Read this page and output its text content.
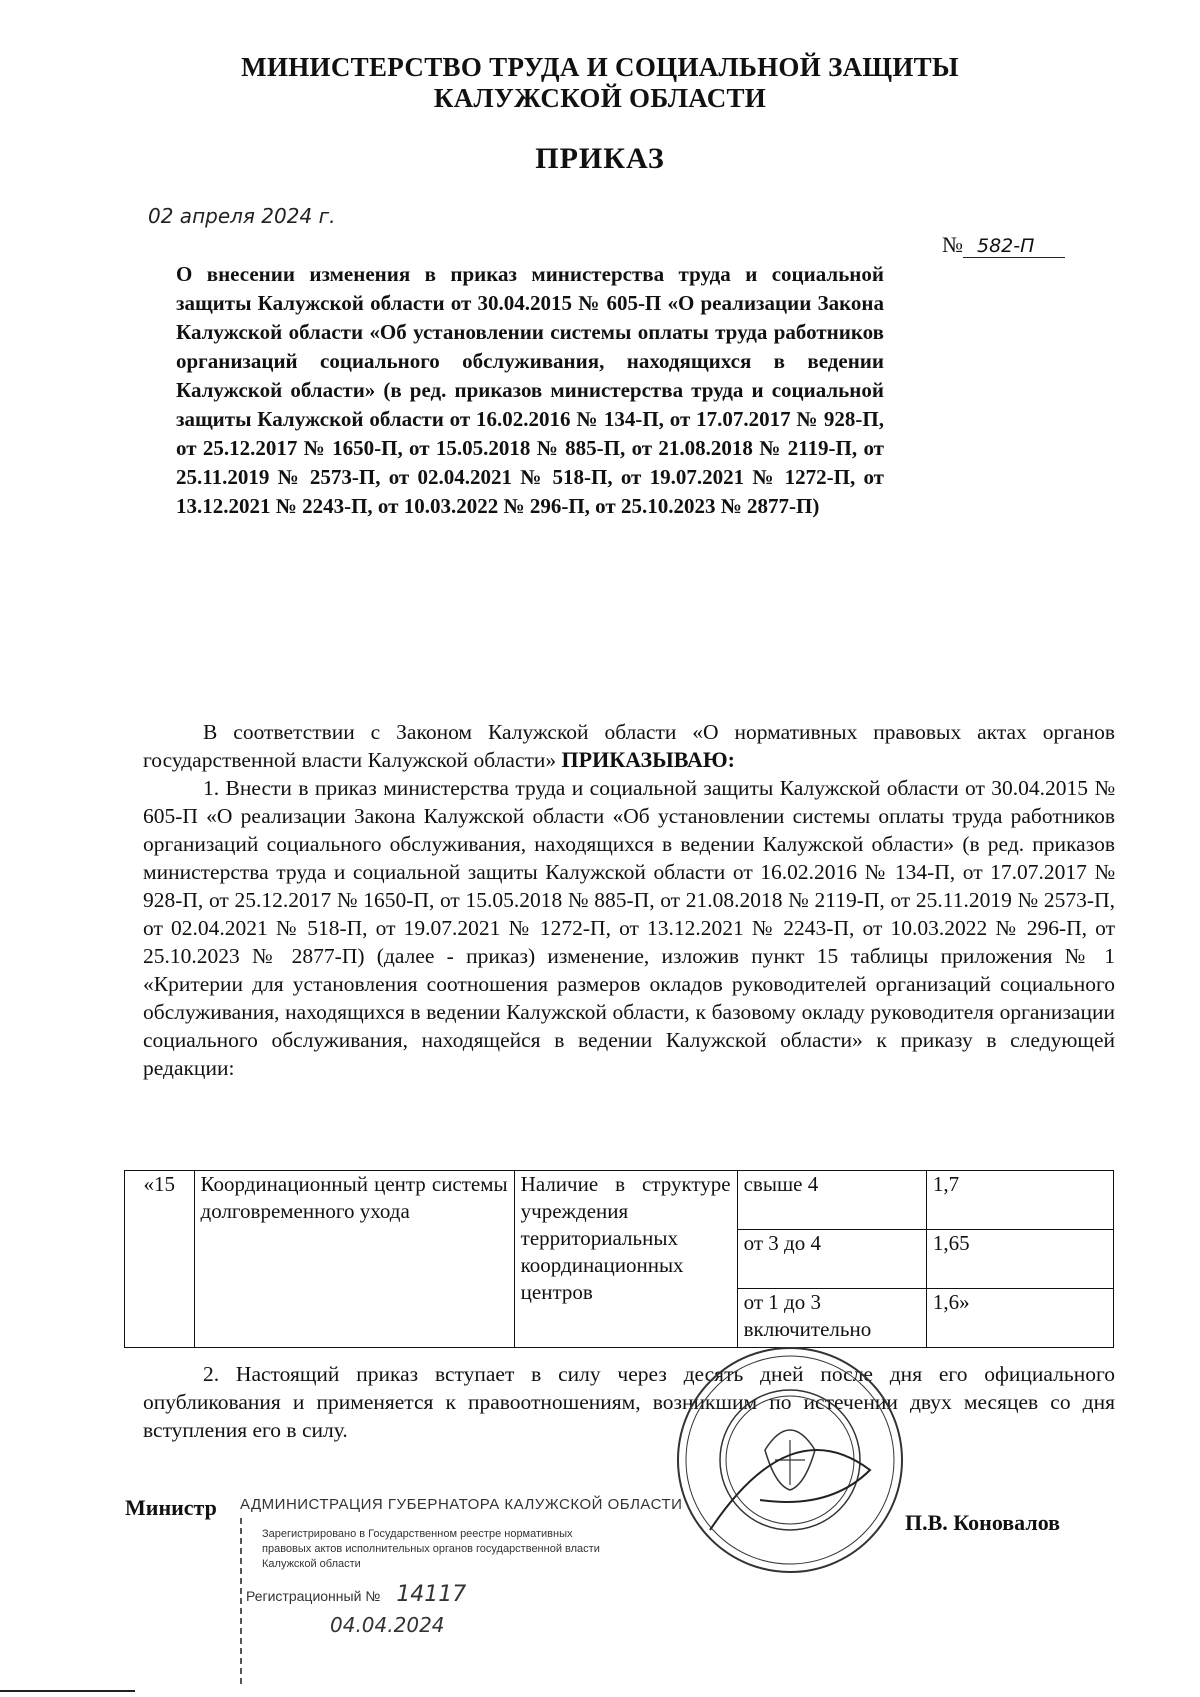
МИНИСТЕРСТВО ТРУДА И СОЦИАЛЬНОЙ ЗАЩИТЫ
КАЛУЖСКОЙ ОБЛАСТИ
ПРИКАЗ
02 апреля 2024 г.
№ 582-П
О внесении изменения в приказ министерства труда и социальной защиты Калужской области от 30.04.2015 № 605-П «О реализации Закона Калужской области «Об установлении системы оплаты труда работников организаций социального обслуживания, находящихся в ведении Калужской области» (в ред. приказов министерства труда и социальной защиты Калужской области от 16.02.2016 № 134-П, от 17.07.2017 № 928-П, от 25.12.2017 № 1650-П, от 15.05.2018 № 885-П, от 21.08.2018 № 2119-П, от 25.11.2019 № 2573-П, от 02.04.2021 № 518-П, от 19.07.2021 № 1272-П, от 13.12.2021 № 2243-П, от 10.03.2022 № 296-П, от 25.10.2023 № 2877-П)

В соответствии с Законом Калужской области «О нормативных правовых актах органов государственной власти Калужской области» ПРИКАЗЫВАЮ:

1. Внести в приказ министерства труда и социальной защиты Калужской области от 30.04.2015 № 605-П «О реализации Закона Калужской области «Об установлении системы оплаты труда работников организаций социального обслуживания, находящихся в ведении Калужской области» (в ред. приказов министерства труда и социальной защиты Калужской области от 16.02.2016 № 134-П, от 17.07.2017 № 928-П, от 25.12.2017 № 1650-П, от 15.05.2018 № 885-П, от 21.08.2018 № 2119-П, от 25.11.2019 № 2573-П, от 02.04.2021 № 518-П, от 19.07.2021 № 1272-П, от 13.12.2021 № 2243-П, от 10.03.2022 № 296-П, от 25.10.2023 № 2877-П) (далее - приказ) изменение, изложив пункт 15 таблицы приложения № 1 «Критерии для установления соотношения размеров окладов руководителей организаций социального обслуживания, находящихся в ведении Калужской области, к базовому окладу руководителя организации социального обслуживания, находящейся в ведении Калужской области» к приказу в следующей редакции:

«15	Координационный центр системы долговременного ухода	Наличие в структуре учреждения территориальных координационных центров	свыше 4	1,7
			от 3 до 4	1,65
			от 1 до 3 включительно	1,6»

2. Настоящий приказ вступает в силу через десять дней после дня его официального опубликования и применяется к правоотношениям, возникшим по истечении двух месяцев со дня вступления его в силу.

Министр
П.В. Коновалов
АДМИНИСТРАЦИЯ ГУБЕРНАТОРА КАЛУЖСКОЙ ОБЛАСТИ
Зарегистрировано в Государственном реестре нормативных правовых актов исполнительных органов государственной власти Калужской области
Регистрационный № 14117
04.04.2024
